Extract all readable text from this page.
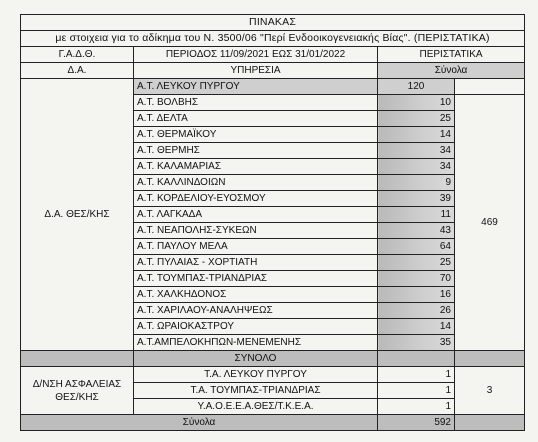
ΠΙΝΑΚΑΣ			
με στοιχεια για το αδίκημα του Ν. 3500/06 "Περί Ενδοοικογενειακής Βίας". (ΠΕΡΙΣΤΑΤΙΚΑ)			
Γ.Α.Δ.Θ.	ΠΕΡΙΟΔΟΣ 11/09/2021 ΕΩΣ 31/01/2022	ΠΕΡΙΣΤΑΤΙΚΑ	
Δ.Α.	ΥΠΗΡΕΣΙΑ	Σύνολα	
Δ.Α. ΘΕΣ/ΚΗΣ	Α.Τ. ΛΕΥΚΟΥ ΠΥΡΓΟΥ	120	
	Α.Τ. ΒΟΛΒΗΣ	10	469
	Α.Τ. ΔΕΛΤΑ	25	
	Α.Τ. ΘΕΡΜΑΪΚΟΥ	14	
	Α.Τ. ΘΕΡΜΗΣ	34	
	Α.Τ. ΚΑΛΑΜΑΡΙΑΣ	34	
	Α.Τ. ΚΑΛΛΙΝΔΟΙΩΝ	9	
	Α.Τ. ΚΟΡΔΕΛΙΟΥ-ΕΥΟΣΜΟΥ	39	
	Α.Τ. ΛΑΓΚΑΔΑ	11	
	Α.Τ. ΝΕΑΠΟΛΗΣ-ΣΥΚΕΩΝ	43	
	Α.Τ. ΠΑΥΛΟΥ ΜΕΛΑ	64	
	Α.Τ. ΠΥΛΑΙΑΣ - ΧΟΡΤΙΑΤΗ	25	
	Α.Τ. ΤΟΥΜΠΑΣ-ΤΡΙΑΝΔΡΙΑΣ	70	
	Α.Τ. ΧΑΛΚΗΔΟΝΟΣ	16	
	Α.Τ. ΧΑΡΙΛΑΟΥ-ΑΝΑΛΗΨΕΩΣ	26	
	Α.Τ. ΩΡΑΙΟΚΑΣΤΡΟΥ	14	
	Α.Τ.ΑΜΠΕΛΟΚΗΠΩΝ-ΜΕΝΕΜΕΝΗΣ	35	
	ΣΥΝΟΛΟ		
Δ/ΝΣΗ ΑΣΦΑΛΕΙΑΣ
ΘΕΣ/ΚΗΣ	Τ.Α. ΛΕΥΚΟΥ ΠΥΡΓΟΥ	1	3
	Τ.Α. ΤΟΥΜΠΑΣ-ΤΡΙΑΝΔΡΙΑΣ	1	
	Υ.Α.Ο.Ε.Ε.Α.ΘΕΣ/Τ.Κ.Ε.Α.	1	
Σύνολα		592	
